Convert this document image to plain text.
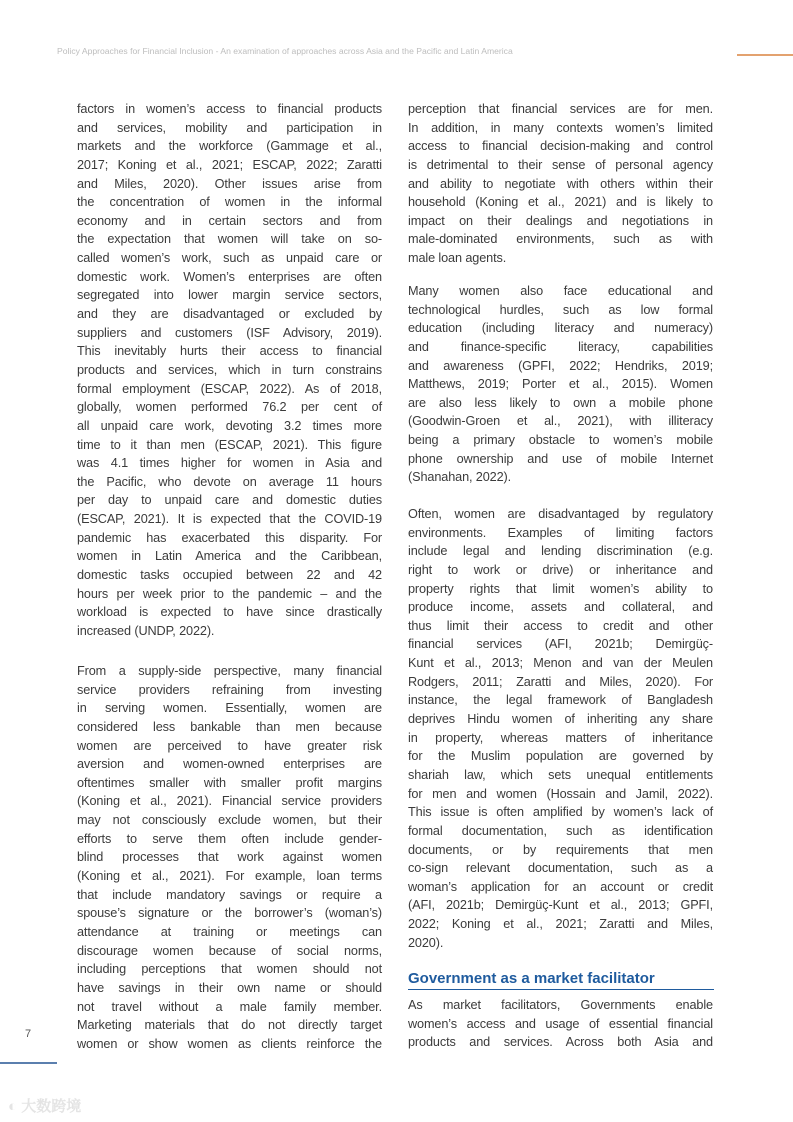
Policy Approaches for Financial Inclusion - An examination of approaches across Asia and the Pacific and Latin America
factors in women’s access to financial products
and services, mobility and participation in
markets and the workforce (Gammage et al.,
2017; Koning et al., 2021; ESCAP, 2022; Zaratti
and Miles, 2020). Other issues arise from
the concentration of women in the informal
economy and in certain sectors and from
the expectation that women will take on so-
called women’s work, such as unpaid care or
domestic work. Women’s enterprises are often
segregated into lower margin service sectors,
and they are disadvantaged or excluded by
suppliers and customers (ISF Advisory, 2019).
This inevitably hurts their access to financial
products and services, which in turn constrains
formal employment (ESCAP, 2022). As of 2018,
globally, women performed 76.2 per cent of
all unpaid care work, devoting 3.2 times more
time to it than men (ESCAP, 2021). This figure
was 4.1 times higher for women in Asia and
the Pacific, who devote on average 11 hours
per day to unpaid care and domestic duties
(ESCAP, 2021). It is expected that the COVID-19
pandemic has exacerbated this disparity. For
women in Latin America and the Caribbean,
domestic tasks occupied between 22 and 42
hours per week prior to the pandemic – and the
workload is expected to have since drastically
increased (UNDP, 2022).
From a supply-side perspective, many financial
service providers refraining from investing
in serving women. Essentially, women are
considered less bankable than men because
women are perceived to have greater risk
aversion and women-owned enterprises are
oftentimes smaller with smaller profit margins
(Koning et al., 2021). Financial service providers
may not consciously exclude women, but their
efforts to serve them often include gender-
blind processes that work against women
(Koning et al., 2021). For example, loan terms
that include mandatory savings or require a
spouse’s signature or the borrower’s (woman’s)
attendance at training or meetings can
discourage women because of social norms,
including perceptions that women should not
have savings in their own name or should
not travel without a male family member.
Marketing materials that do not directly target
women or show women as clients reinforce the
perception that financial services are for men.
In addition, in many contexts women’s limited
access to financial decision-making and control
is detrimental to their sense of personal agency
and ability to negotiate with others within their
household (Koning et al., 2021) and is likely to
impact on their dealings and negotiations in
male-dominated environments, such as with
male loan agents.
Many women also face educational and
technological hurdles, such as low formal
education (including literacy and numeracy)
and finance-specific literacy, capabilities
and awareness (GPFI, 2022; Hendriks, 2019;
Matthews, 2019; Porter et al., 2015). Women
are also less likely to own a mobile phone
(Goodwin-Groen et al., 2021), with illiteracy
being a primary obstacle to women’s mobile
phone ownership and use of mobile Internet
(Shanahan, 2022).
Often, women are disadvantaged by regulatory
environments. Examples of limiting factors
include legal and lending discrimination (e.g.
right to work or drive) or inheritance and
property rights that limit women’s ability to
produce income, assets and collateral, and
thus limit their access to credit and other
financial services (AFI, 2021b; Demirgüç-
Kunt et al., 2013; Menon and van der Meulen
Rodgers, 2011; Zaratti and Miles, 2020). For
instance, the legal framework of Bangladesh
deprives Hindu women of inheriting any share
in property, whereas matters of inheritance
for the Muslim population are governed by
shariah law, which sets unequal entitlements
for men and women (Hossain and Jamil, 2022).
This issue is often amplified by women’s lack of
formal documentation, such as identification
documents, or by requirements that men
co-sign relevant documentation, such as a
woman’s application for an account or credit
(AFI, 2021b; Demirgüç-Kunt et al., 2013; GPFI,
2022; Koning et al., 2021; Zaratti and Miles,
2020).
Government as a market facilitator
As market facilitators, Governments enable
women’s access and usage of essential financial
products and services. Across both Asia and
7
◐ 大数跨境
